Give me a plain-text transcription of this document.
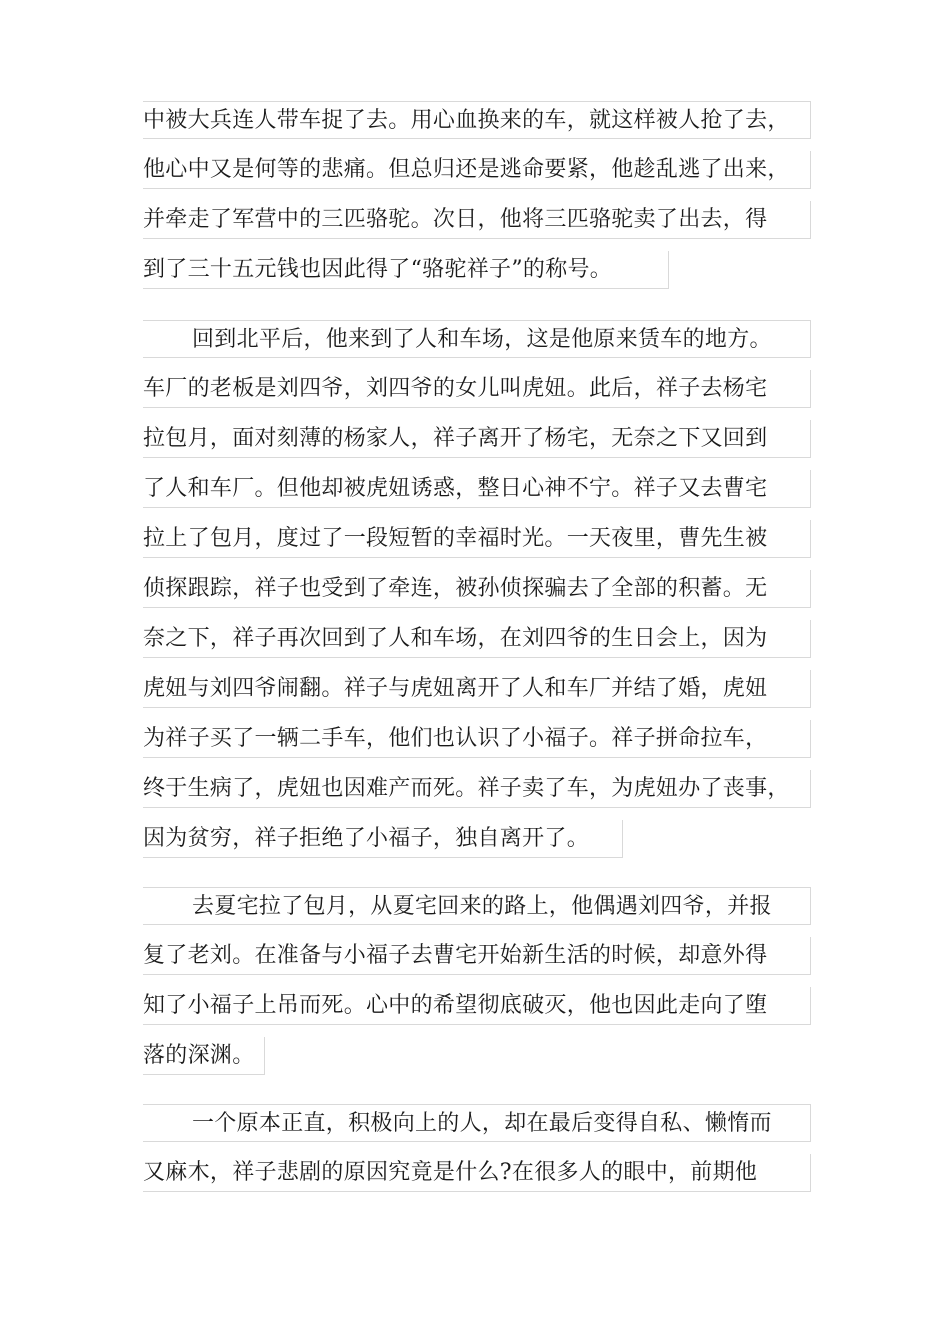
中被大兵连人带车捉了去。用心血换来的车，就这样被人抢了去，
他心中又是何等的悲痛。但总归还是逃命要紧，他趁乱逃了出来，
并牵走了军营中的三匹骆驼。次日，他将三匹骆驼卖了出去，得
到了三十五元钱也因此得了“骆驼祥子”的称号。
回到北平后，他来到了人和车场，这是他原来赁车的地方。
车厂的老板是刘四爷，刘四爷的女儿叫虎妞。此后，祥子去杨宅
拉包月，面对刻薄的杨家人，祥子离开了杨宅，无奈之下又回到
了人和车厂。但他却被虎妞诱惑，整日心神不宁。祥子又去曹宅
拉上了包月，度过了一段短暂的幸福时光。一天夜里，曹先生被
侦探跟踪，祥子也受到了牵连，被孙侦探骗去了全部的积蓄。无
奈之下，祥子再次回到了人和车场，在刘四爷的生日会上，因为
虎妞与刘四爷闹翻。祥子与虎妞离开了人和车厂并结了婚，虎妞
为祥子买了一辆二手车，他们也认识了小福子。祥子拼命拉车，
终于生病了，虎妞也因难产而死。祥子卖了车，为虎妞办了丧事，
因为贫穷，祥子拒绝了小福子，独自离开了。
去夏宅拉了包月，从夏宅回来的路上，他偶遇刘四爷，并报
复了老刘。在准备与小福子去曹宅开始新生活的时候，却意外得
知了小福子上吊而死。心中的希望彻底破灭，他也因此走向了堕
落的深渊。
一个原本正直，积极向上的人，却在最后变得自私、懒惰而
又麻木，祥子悲剧的原因究竟是什么?在很多人的眼中，前期他
